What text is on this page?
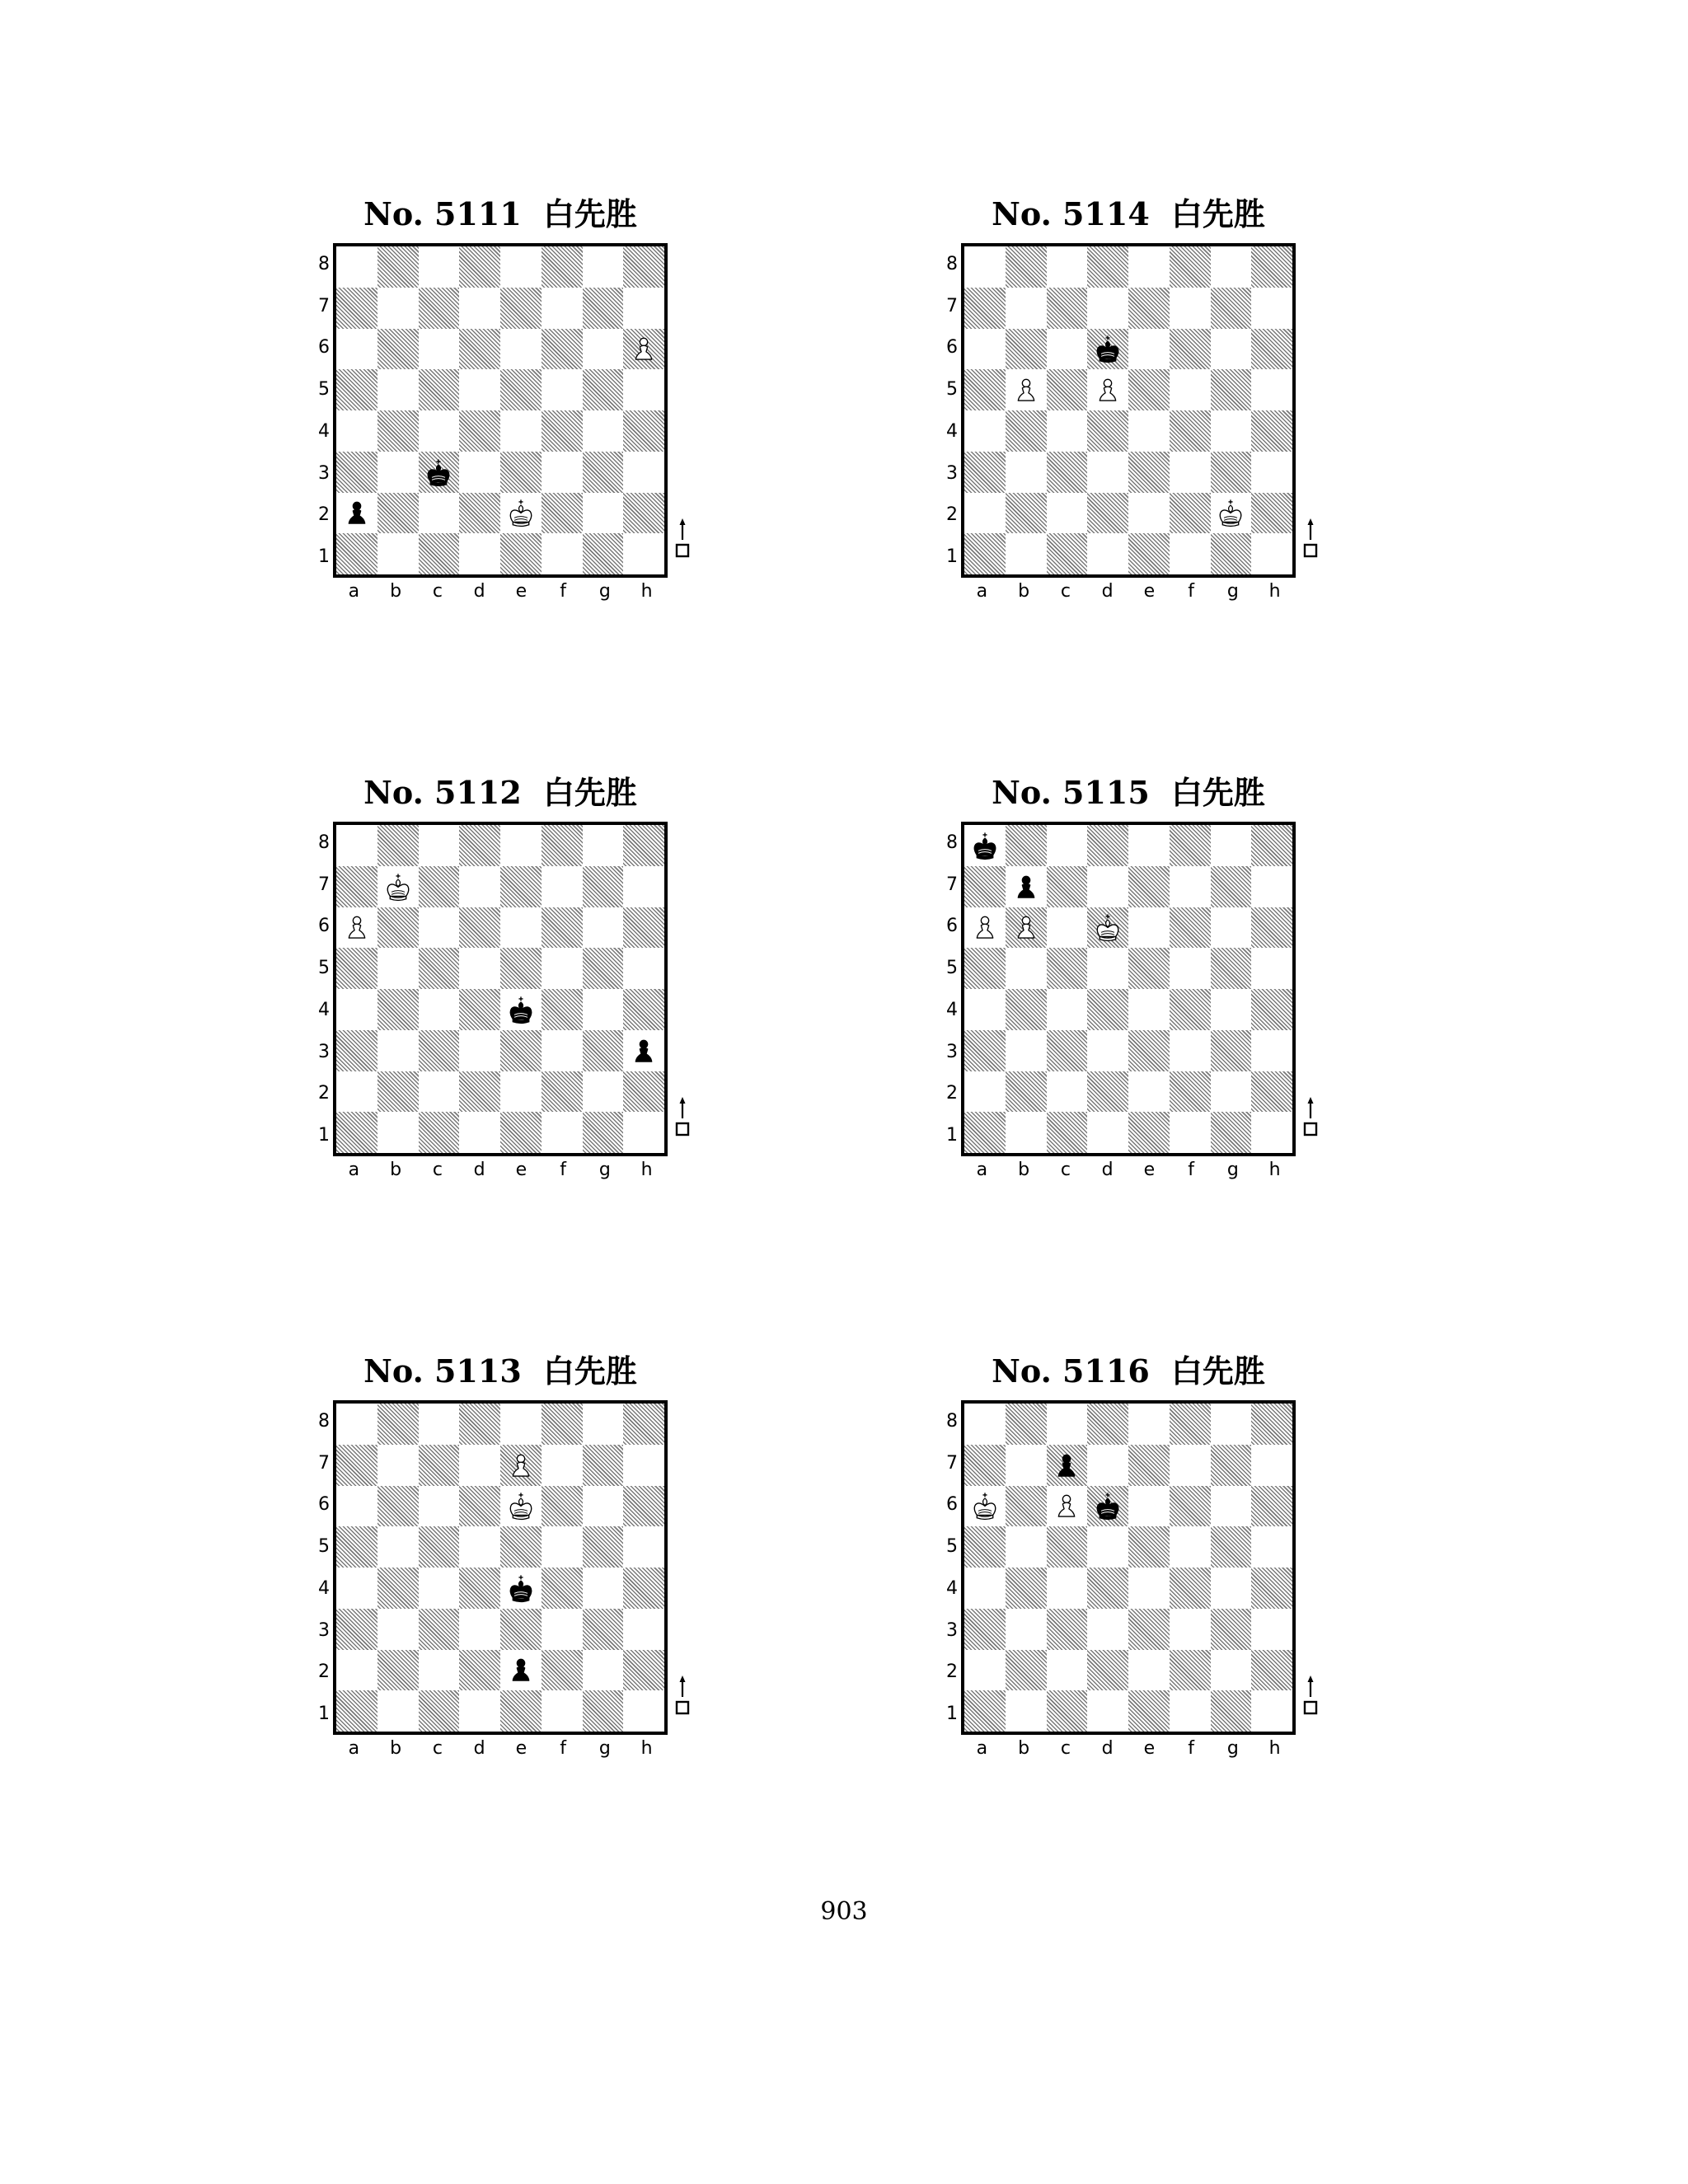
No. 5111 白先胜
8
7
6
5
4
3
2
1
a	b	c	d	e	f	g	h
No. 5112 白先胜
8
7
6
5
4
3
2
1
a	b	c	d	e	f	g	h
No. 5113 白先胜
8
7
6
5
4
3
2
1
a	b	c	d	e	f	g	h
No. 5114 白先胜
8
7
6
5
4
3
2
1
a	b	c	d	e	f	g	h
No. 5115 白先胜
8
7
6
5
4
3
2
1
a	b	c	d	e	f	g	h
No. 5116 白先胜
8
7
6
5
4
3
2
1
a	b	c	d	e	f	g	h
903
